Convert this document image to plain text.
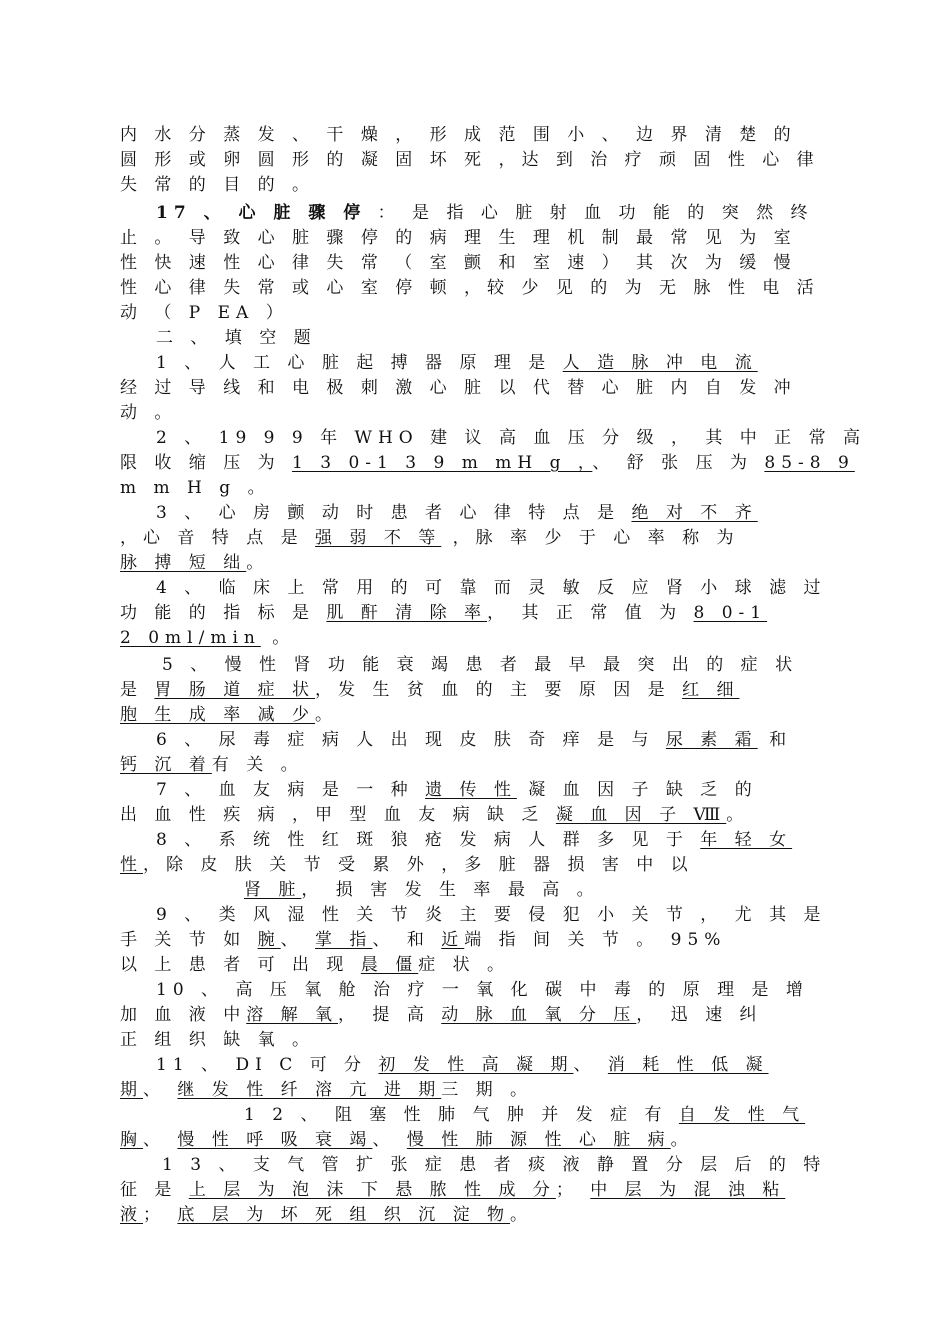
内 水 分 蒸 发 、 干 燥 ， 形 成 范 围 小 、 边 界 清 楚 的
圆 形 或 卵 圆 形 的 凝 固 坏 死 ，达 到 治 疗 顽 固 性 心 律
失 常 的 目 的 。
17 、 心 脏 骤 停 ： 是 指 心 脏 射 血 功 能 的 突 然 终
止 。 导 致 心 脏 骤 停 的 病 理 生 理 机 制 最 常 见 为 室
性 快 速 性 心 律 失 常 （ 室 颤 和 室 速 ） 其 次 为 缓 慢
性 心 律 失 常 或 心 室 停 顿 ，较 少 见 的 为 无 脉 性 电 活
动 （ P EA ）
二 、 填 空 题
1 、 人 工 心 脏 起 搏 器 原 理 是 人 造 脉 冲 电 流
经 过 导 线 和 电 极 刺 激 心 脏 以 代 替 心 脏 内 自 发 冲
动 。
2 、 19 9 9 年 WHO 建 议 高 血 压 分 级 ， 其 中 正 常 高
限 收 缩 压 为 1 3 0-1 3 9 m mH g ，、 舒 张 压 为 85-8 9
m m H g 。
3 、 心 房 颤 动 时 患 者 心 律 特 点 是 绝 对 不 齐
，心 音 特 点 是 强 弱 不 等 ，脉 率 少 于 心 率 称 为
脉 搏 短 绌。
4 、 临 床 上 常 用 的 可 靠 而 灵 敏 反 应 肾 小 球 滤 过
功 能 的 指 标 是 肌 酐 清 除 率， 其 正 常 值 为 8 0-1
2 0ml/min 。
5 、 慢 性 肾 功 能 衰 竭 患 者 最 早 最 突 出 的 症 状
是 胃 肠 道 症 状，发 生 贫 血 的 主 要 原 因 是 红 细
胞 生 成 率 减 少。
6 、 尿 毒 症 病 人 出 现 皮 肤 奇 痒 是 与 尿 素 霜 和
钙 沉 着有 关 。
7 、 血 友 病 是 一 种 遗 传 性 凝 血 因 子 缺 乏 的
出 血 性 疾 病 ，甲 型 血 友 病 缺 乏 凝 血 因 子 Ⅷ。
8 、 系 统 性 红 斑 狼 疮 发 病 人 群 多 见 于 年 轻 女
性，除 皮 肤 关 节 受 累 外 ，多 脏 器 损 害 中 以
肾 脏， 损 害 发 生 率 最 高 。
9 、 类 风 湿 性 关 节 炎 主 要 侵 犯 小 关 节 ， 尤 其 是
手 关 节 如 腕、 掌 指、 和 近端 指 间 关 节 。 95%
以 上 患 者 可 出 现 晨 僵症 状 。
10 、 高 压 氧 舱 治 疗 一 氧 化 碳 中 毒 的 原 理 是 增
加 血 液 中溶 解 氧， 提 高 动 脉 血 氧 分 压， 迅 速 纠
正 组 织 缺 氧 。
11 、 DI C 可 分 初 发 性 高 凝 期、 消 耗 性 低 凝
期、 继 发 性 纤 溶 亢 进 期三 期 。
1 2 、 阻 塞 性 肺 气 肿 并 发 症 有 自 发 性 气
胸、 慢 性 呼 吸 衰 竭、 慢 性 肺 源 性 心 脏 病。
1 3 、 支 气 管 扩 张 症 患 者 痰 液 静 置 分 层 后 的 特
征 是 上 层 为 泡 沫 下 悬 脓 性 成 分； 中 层 为 混 浊 粘
液； 底 层 为 坏 死 组 织 沉 淀 物。
